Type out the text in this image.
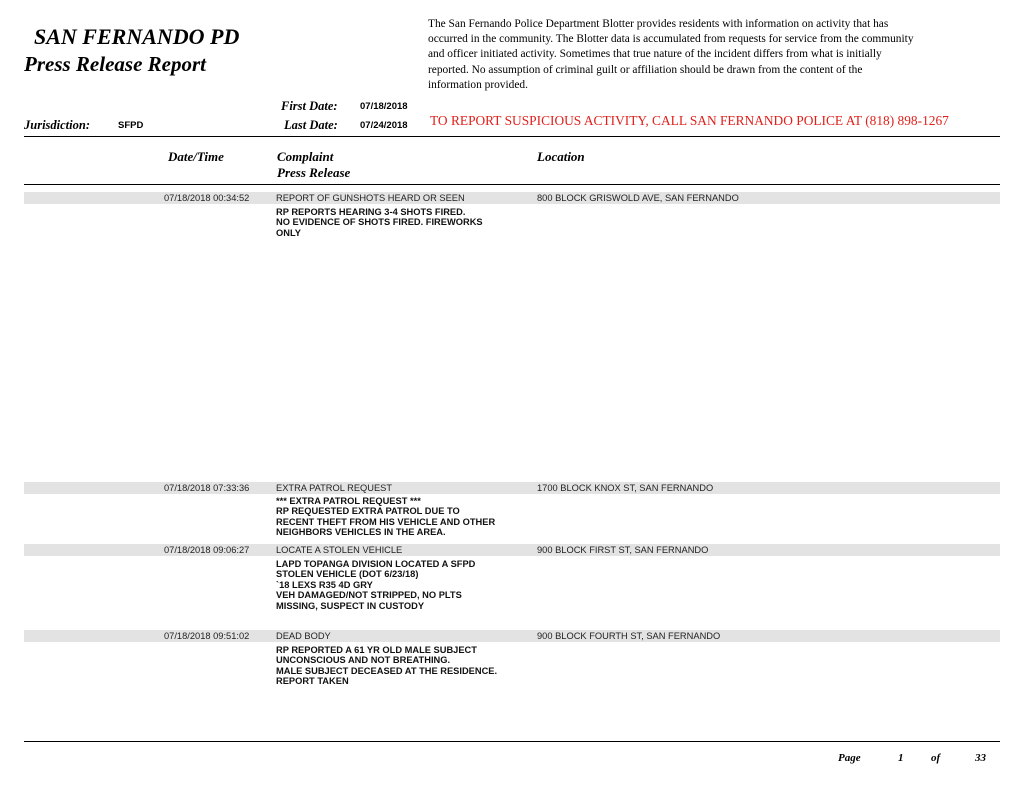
SAN FERNANDO PD
Press Release Report
The San Fernando Police Department Blotter provides residents with information on activity that has
occurred in the community. The Blotter data is accumulated from requests for service from the community
and officer initiated activity. Sometimes that true nature of the incident differs from what is initially
reported. No assumption of criminal guilt or affiliation should be drawn from the content of the
information provided.
First Date: 07/18/2018
Jurisdiction:	SFPD	Last Date: 07/24/2018 TO REPORT SUSPICIOUS ACTIVITY, CALL SAN FERNANDO POLICE AT (818) 898-1267
Date/Time	Complaint
Press Release
Location
07/18/2018 00:34:52	REPORT OF GUNSHOTS HEARD OR SEEN	800 BLOCK GRISWOLD AVE, SAN FERNANDO
RP REPORTS HEARING 3-4 SHOTS FIRED.
NO EVIDENCE OF SHOTS FIRED. FIREWORKS
ONLY
07/18/2018 07:33:36	EXTRA PATROL REQUEST	1700 BLOCK KNOX ST, SAN FERNANDO
*** EXTRA PATROL REQUEST ***
RP REQUESTED EXTRA PATROL DUE TO
RECENT THEFT FROM HIS VEHICLE AND OTHER
NEIGHBORS VEHICLES IN THE AREA.
07/18/2018 09:06:27	LOCATE A STOLEN VEHICLE	900 BLOCK FIRST ST, SAN FERNANDO
LAPD TOPANGA DIVISION LOCATED A SFPD
STOLEN VEHICLE (DOT 6/23/18)
`18 LEXS R35 4D GRY
VEH DAMAGED/NOT STRIPPED, NO PLTS
MISSING, SUSPECT IN CUSTODY
07/18/2018 09:51:02	DEAD BODY	900 BLOCK FOURTH ST, SAN FERNANDO
RP REPORTED A 61 YR OLD MALE SUBJECT
UNCONSCIOUS AND NOT BREATHING.
MALE SUBJECT DECEASED AT THE RESIDENCE.
REPORT TAKEN
Page	1	of	33
